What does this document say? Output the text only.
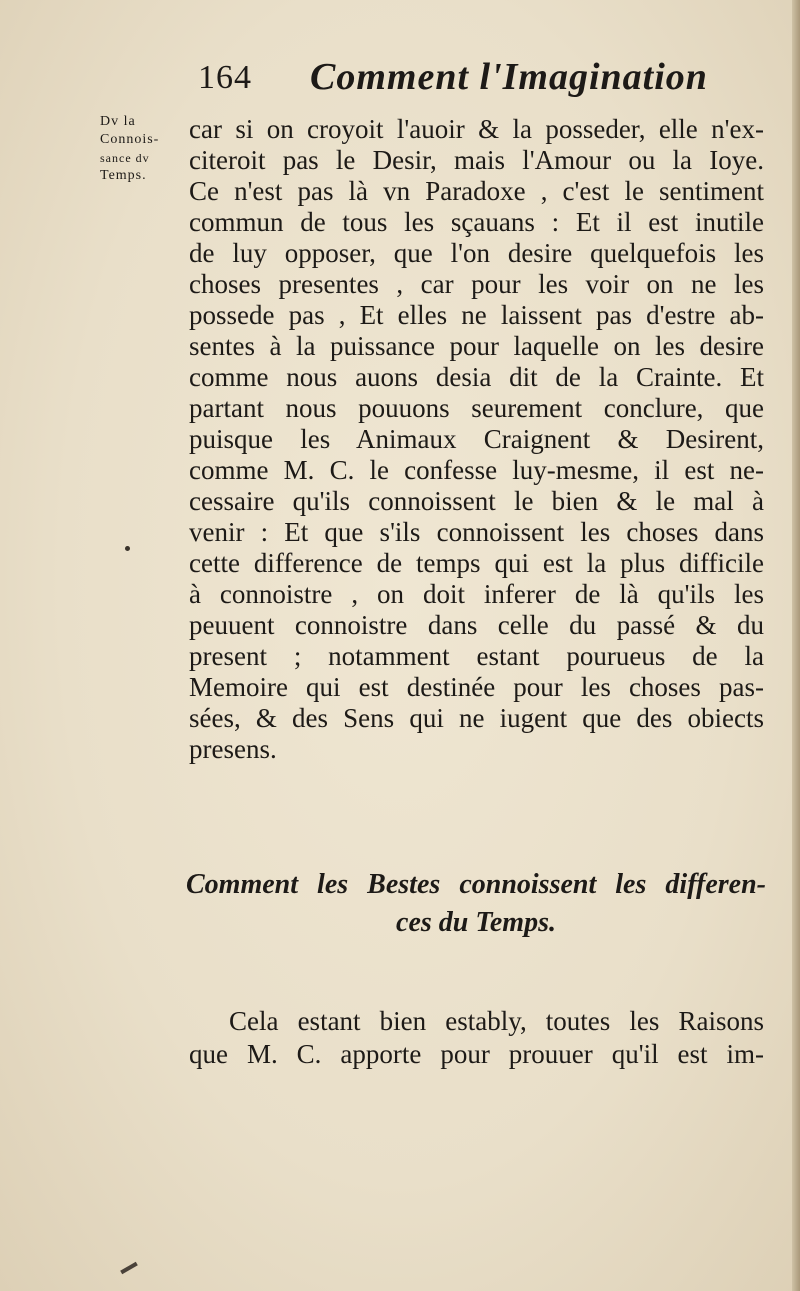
164 Comment l'Imagination
Dv la
Connois-
sance dv
Temps.
car si on croyoit l'auoir & la posseder, elle n'ex-
citeroit pas le Desir, mais l'Amour ou la Ioye.
Ce n'est pas là vn Paradoxe , c'est le sentiment
commun de tous les sçauans : Et il est inutile
de luy opposer, que l'on desire quelquefois les
choses presentes , car pour les voir on ne les
possede pas , Et elles ne laissent pas d'estre ab-
sentes à la puissance pour laquelle on les desire
comme nous auons desia dit de la Crainte. Et
partant nous pouuons seurement conclure, que
puisque les Animaux Craignent & Desirent,
comme M. C. le confesse luy-mesme, il est ne-
cessaire qu'ils connoissent le bien & le mal à
venir : Et que s'ils connoissent les choses dans
cette difference de temps qui est la plus difficile
à connoistre , on doit inferer de là qu'ils les
peuuent connoistre dans celle du passé & du
present ; notamment estant pourueus de la
Memoire qui est destinée pour les choses pas-
sées, & des Sens qui ne iugent que des obiects
presens.
Comment les Bestes connoissent les differen-
ces du Temps.
Cela estant bien estably, toutes les Raisons
que M. C. apporte pour prouuer qu'il est im-
